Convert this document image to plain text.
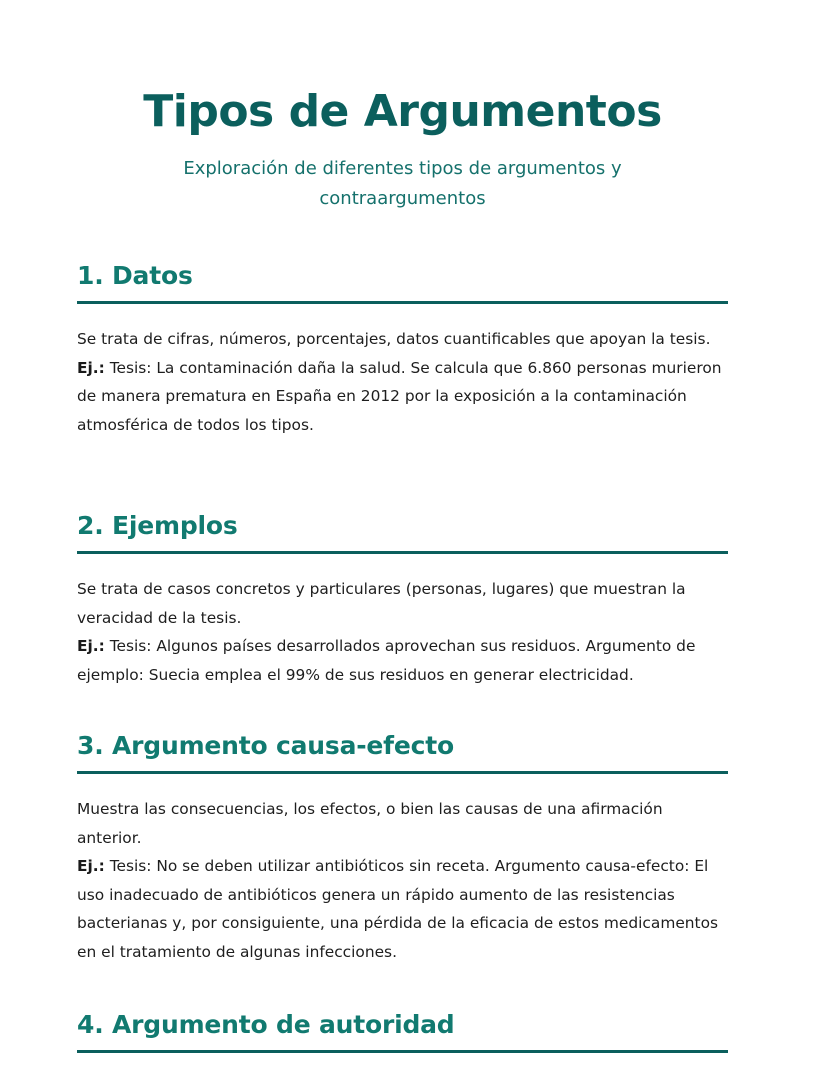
Tipos de Argumentos
Exploración de diferentes tipos de argumentos y contraargumentos
1. Datos

Se trata de cifras, números, porcentajes, datos cuantificables que apoyan la tesis.

Ej.: Tesis: La contaminación daña la salud. Se calcula que 6.860 personas murieron de manera prematura en España en 2012 por la exposición a la contaminación atmosférica de todos los tipos.

2. Ejemplos

Se trata de casos concretos y particulares (personas, lugares) que muestran la veracidad de la tesis.

Ej.: Tesis: Algunos países desarrollados aprovechan sus residuos. Argumento de ejemplo: Suecia emplea el 99% de sus residuos en generar electricidad.

3. Argumento causa-efecto

Muestra las consecuencias, los efectos, o bien las causas de una afirmación anterior.

Ej.: Tesis: No se deben utilizar antibióticos sin receta. Argumento causa-efecto: El uso inadecuado de antibióticos genera un rápido aumento de las resistencias bacterianas y, por consiguiente, una pérdida de la eficacia de estos medicamentos en el tratamiento de algunas infecciones.

4. Argumento de autoridad
